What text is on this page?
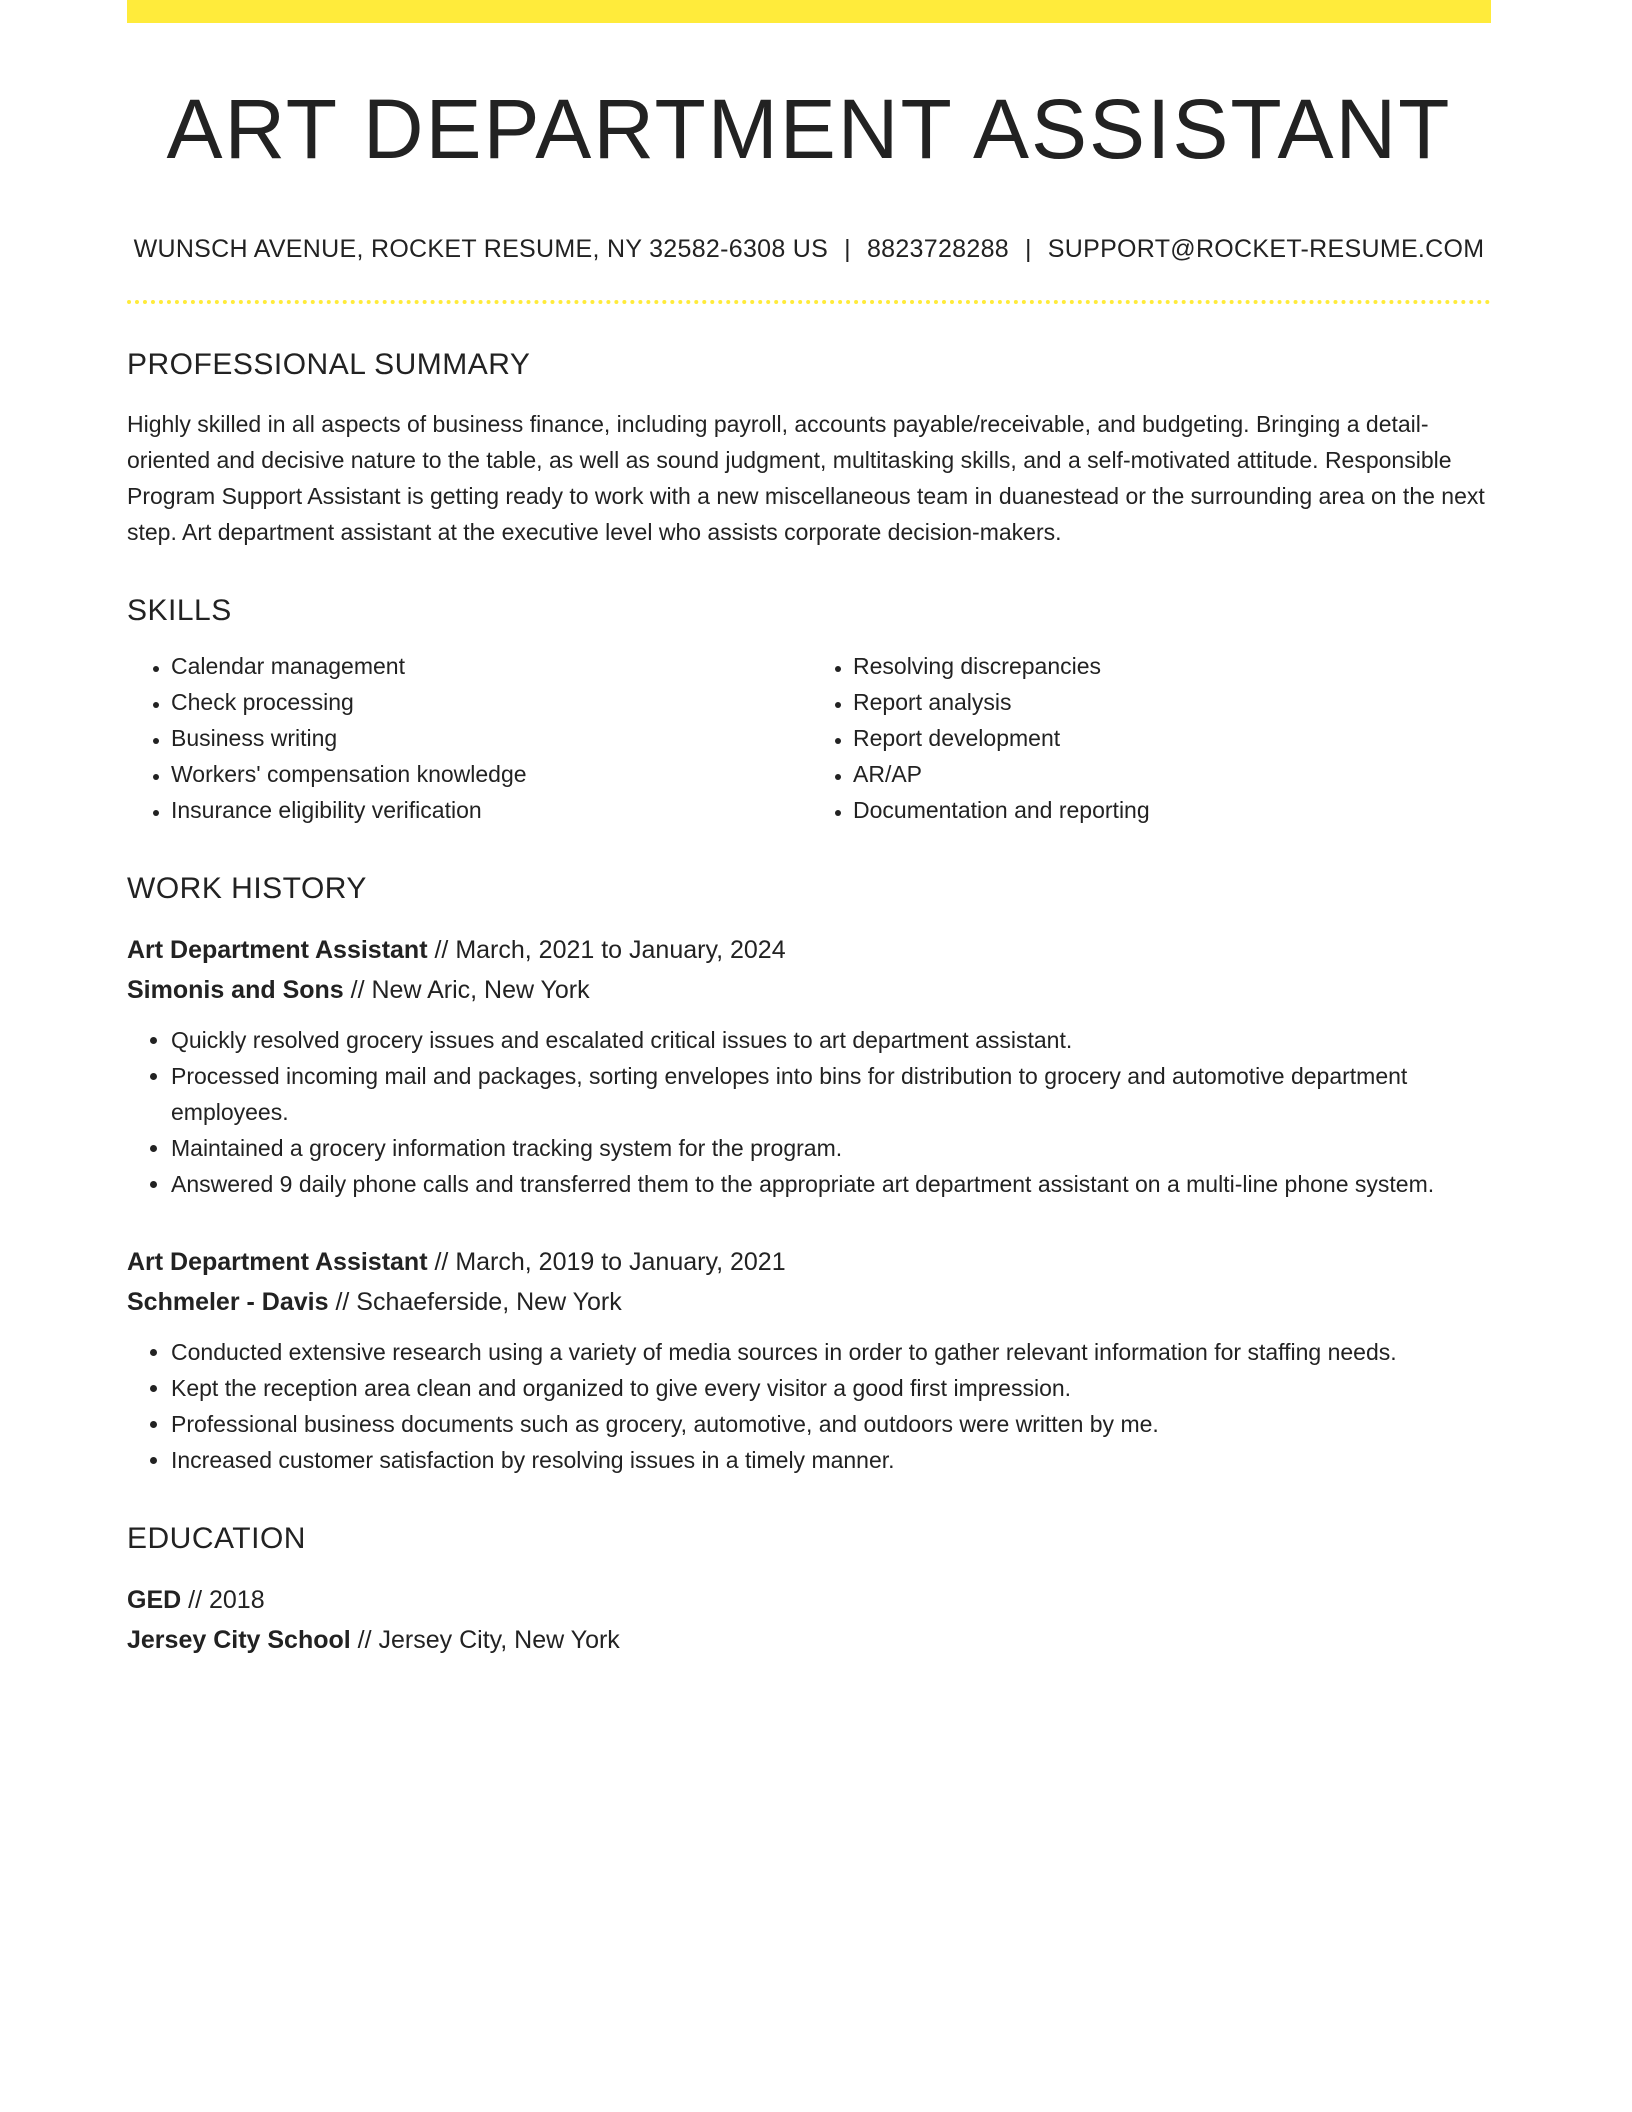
ART DEPARTMENT ASSISTANT
WUNSCH AVENUE, ROCKET RESUME, NY 32582-6308 US | 8823728288 | SUPPORT@ROCKET-RESUME.COM
PROFESSIONAL SUMMARY

Highly skilled in all aspects of business finance, including payroll, accounts payable/receivable, and budgeting. Bringing a detail-oriented and decisive nature to the table, as well as sound judgment, multitasking skills, and a self-motivated attitude. Responsible Program Support Assistant is getting ready to work with a new miscellaneous team in duanestead or the surrounding area on the next step. Art department assistant at the executive level who assists corporate decision-makers.

SKILLS
• Calendar management
• Check processing
• Business writing
• Workers' compensation knowledge
• Insurance eligibility verification
• Resolving discrepancies
• Report analysis
• Report development
• AR/AP
• Documentation and reporting
WORK HISTORY
Art Department Assistant // March, 2021 to January, 2024
Simonis and Sons // New Aric, New York
• Quickly resolved grocery issues and escalated critical issues to art department assistant.
• Processed incoming mail and packages, sorting envelopes into bins for distribution to grocery and automotive department employees.
• Maintained a grocery information tracking system for the program.
• Answered 9 daily phone calls and transferred them to the appropriate art department assistant on a multi-line phone system.
Art Department Assistant // March, 2019 to January, 2021
Schmeler - Davis // Schaeferside, New York
• Conducted extensive research using a variety of media sources in order to gather relevant information for staffing needs.
• Kept the reception area clean and organized to give every visitor a good first impression.
• Professional business documents such as grocery, automotive, and outdoors were written by me.
• Increased customer satisfaction by resolving issues in a timely manner.
EDUCATION
GED // 2018
Jersey City School // Jersey City, New York
